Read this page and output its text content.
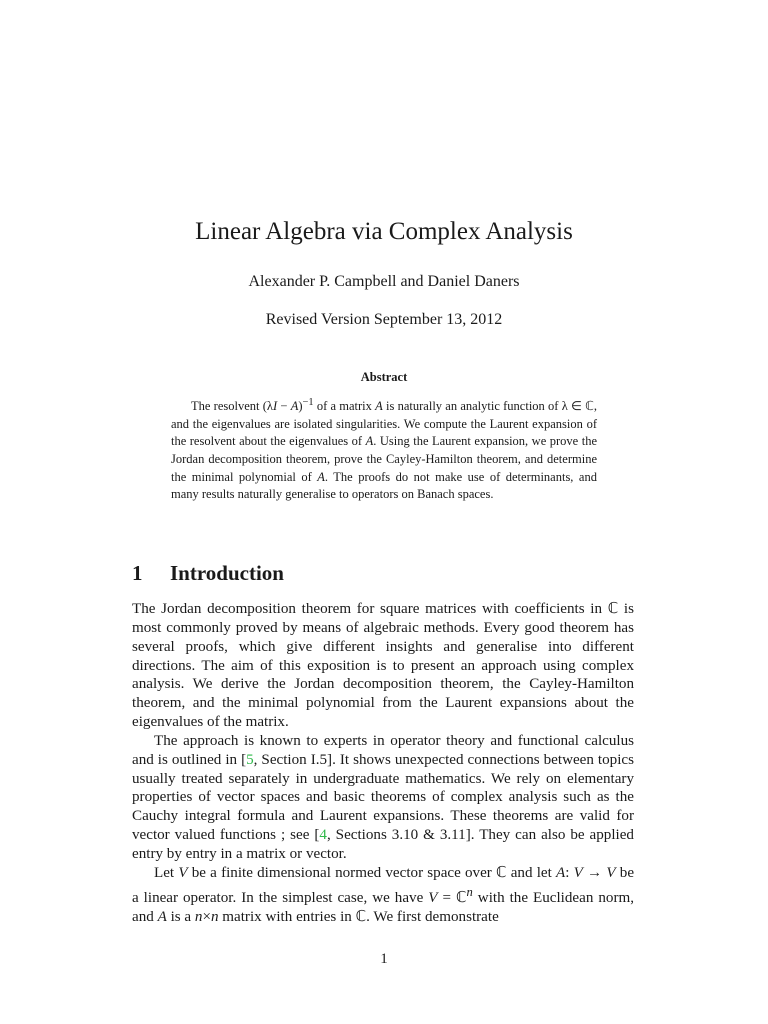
Linear Algebra via Complex Analysis
Alexander P. Campbell and Daniel Daners
Revised Version September 13, 2012
Abstract

The resolvent $(\lambda I - A)^{-1}$ of a matrix A is naturally an analytic function of λ ∈ ℂ, and the eigenvalues are isolated singularities. We compute the Laurent expansion of the resolvent about the eigenvalues of A. Using the Laurent expansion, we prove the Jordan decomposition theorem, prove the Cayley-Hamilton theorem, and determine the minimal polynomial of A. The proofs do not make use of determinants, and many results naturally generalise to operators on Banach spaces.

1 Introduction

The Jordan decomposition theorem for square matrices with coefficients in ℂ is most commonly proved by means of algebraic methods. Every good theorem has several proofs, which give different insights and generalise into different directions. The aim of this exposition is to present an approach using complex analysis. We derive the Jordan decomposition theorem, the Cayley-Hamilton theorem, and the minimal polynomial from the Laurent expansions about the eigenvalues of the matrix.

The approach is known to experts in operator theory and functional calculus and is outlined in [5, Section I.5]. It shows unexpected connections between topics usually treated separately in undergraduate mathematics. We rely on elementary properties of vector spaces and basic theorems of complex analysis such as the Cauchy integral formula and Laurent expansions. These theorems are valid for vector valued functions ; see [4, Sections 3.10 & 3.11]. They can also be applied entry by entry in a matrix or vector.

Let V be a finite dimensional normed vector space over ℂ and let A: V → V be a linear operator. In the simplest case, we have V = ℂ$^n$ with the Euclidean norm, and A is a n×n matrix with entries in ℂ. We first demonstrate

1
